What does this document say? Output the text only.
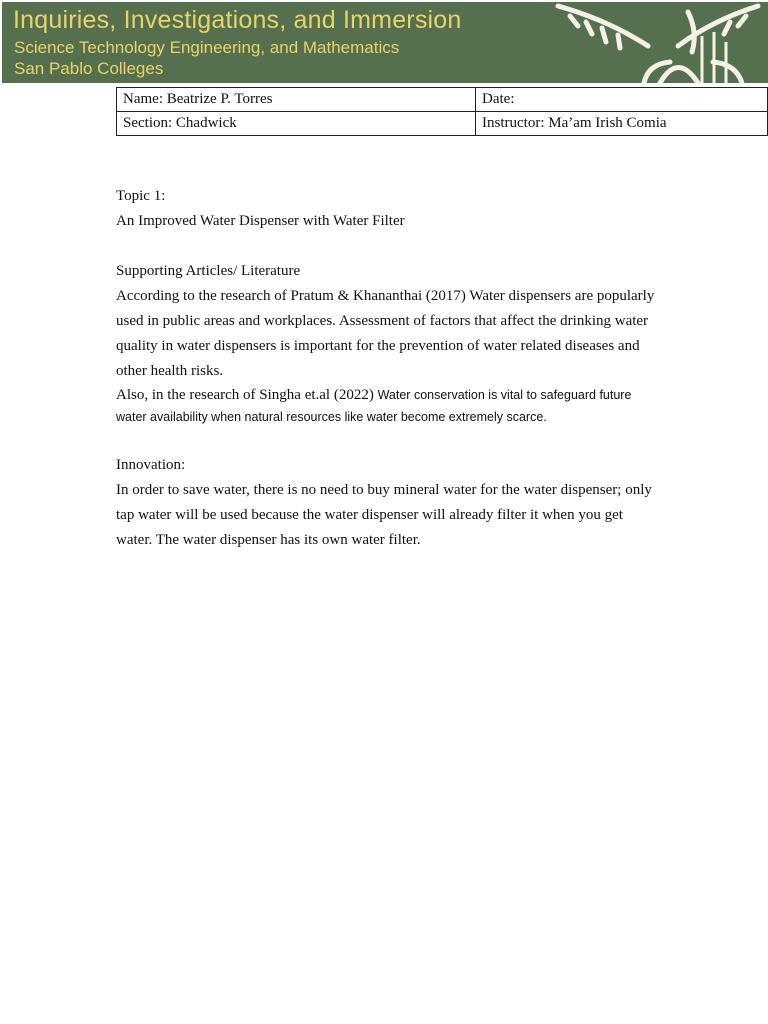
Inquiries, Investigations, and Immersion
Science Technology Engineering, and Mathematics
San Pablo Colleges
Name: Beatrize P. Torres	Date:
Section: Chadwick	Instructor: Ma’am Irish Comia

Topic 1:

An Improved Water Dispenser with Water Filter

Supporting Articles/ Literature

According to the research of Pratum & Khananthai (2017) Water dispensers are popularly used in public areas and workplaces. Assessment of factors that affect the drinking water quality in water dispensers is important for the prevention of water related diseases and other health risks.

Also, in the research of Singha et.al (2022) Water conservation is vital to safeguard future water availability when natural resources like water become extremely scarce.

Innovation:

In order to save water, there is no need to buy mineral water for the water dispenser; only tap water will be used because the water dispenser will already filter it when you get water. The water dispenser has its own water filter.
